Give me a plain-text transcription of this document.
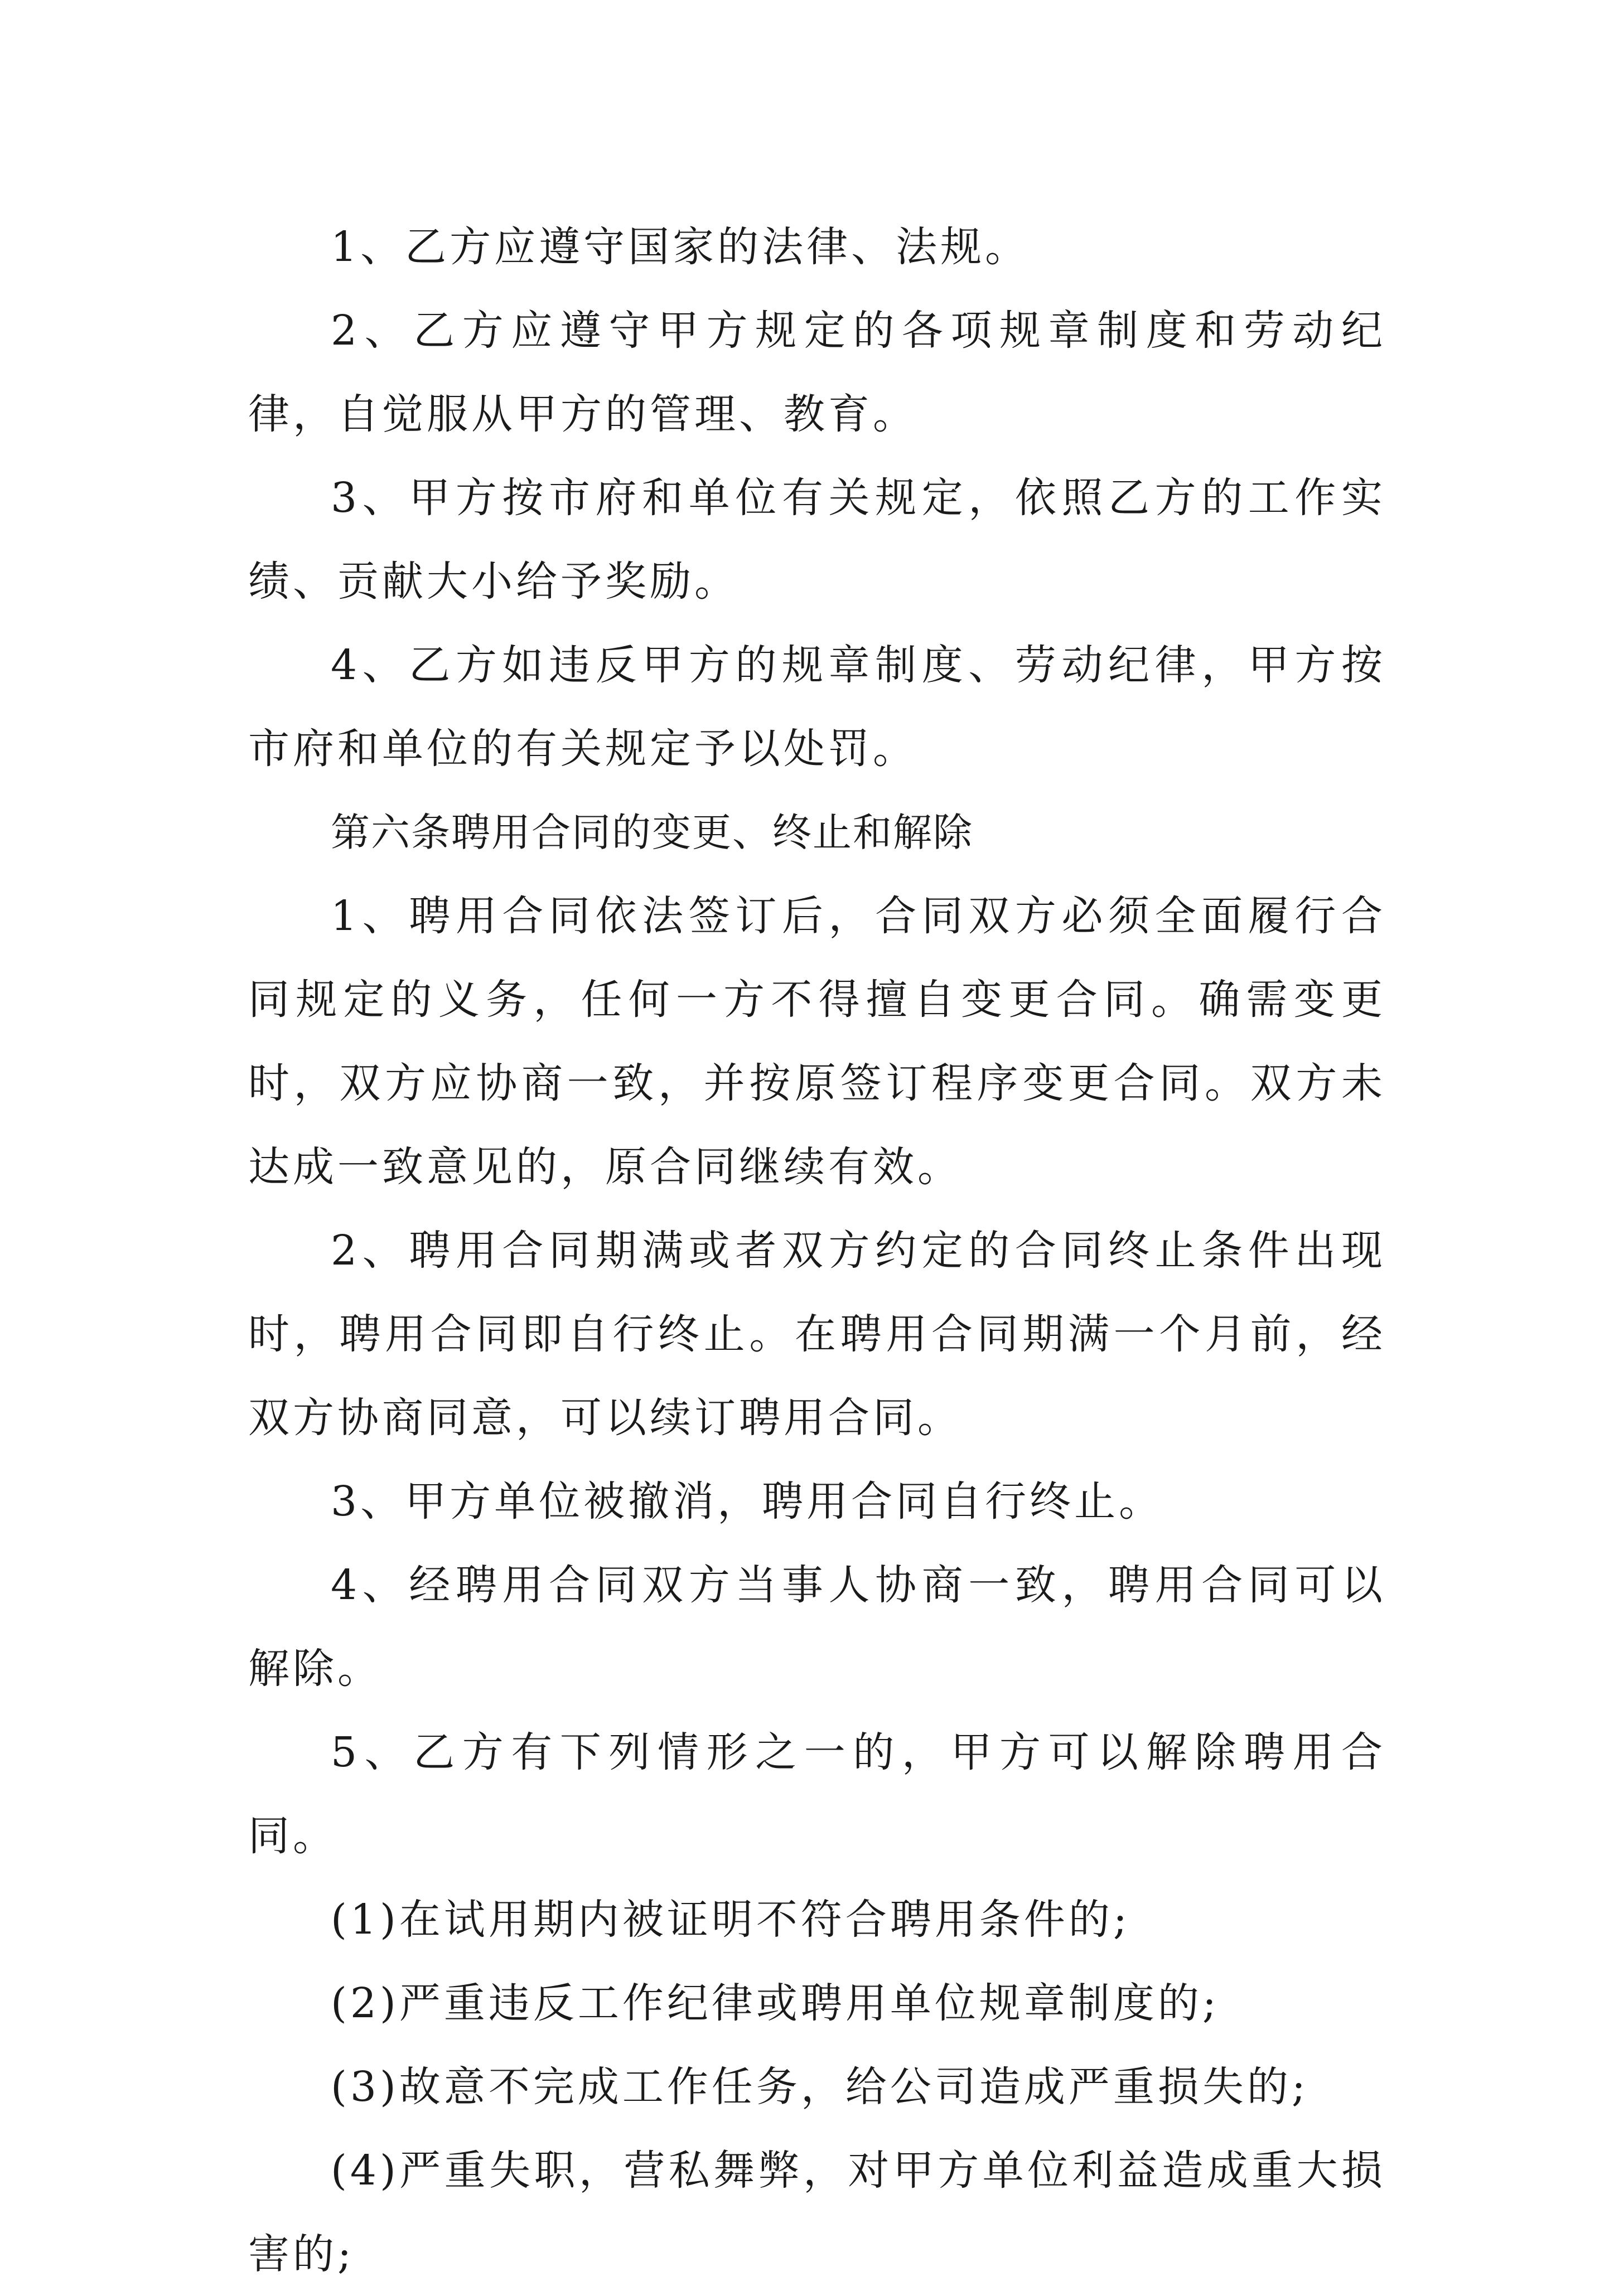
1、乙方应遵守国家的法律、法规。

2、乙方应遵守甲方规定的各项规章制度和劳动纪律，自觉服从甲方的管理、教育。

3、甲方按市府和单位有关规定，依照乙方的工作实绩、贡献大小给予奖励。

4、乙方如违反甲方的规章制度、劳动纪律，甲方按市府和单位的有关规定予以处罚。

第六条聘用合同的变更、终止和解除

1、聘用合同依法签订后，合同双方必须全面履行合同规定的义务，任何一方不得擅自变更合同。确需变更时，双方应协商一致，并按原签订程序变更合同。双方未达成一致意见的，原合同继续有效。

2、聘用合同期满或者双方约定的合同终止条件出现时，聘用合同即自行终止。在聘用合同期满一个月前，经双方协商同意，可以续订聘用合同。

3、甲方单位被撤消，聘用合同自行终止。

4、经聘用合同双方当事人协商一致，聘用合同可以解除。

5、乙方有下列情形之一的，甲方可以解除聘用合同。

(1)在试用期内被证明不符合聘用条件的;

(2)严重违反工作纪律或聘用单位规章制度的;

(3)故意不完成工作任务，给公司造成严重损失的;

(4)严重失职，营私舞弊，对甲方单位利益造成重大损害的;
